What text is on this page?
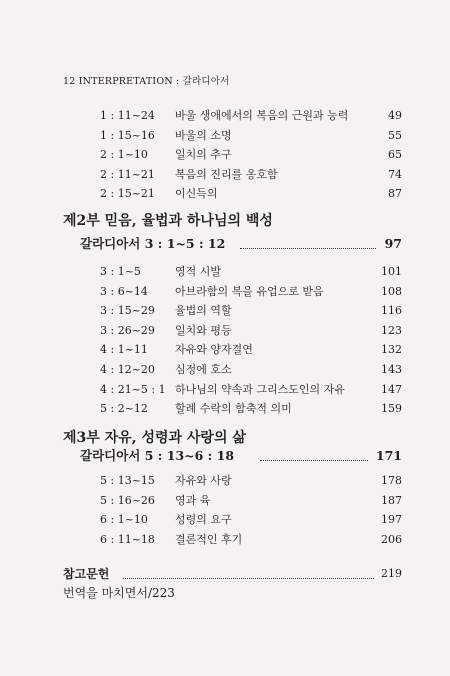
12 INTERPRETATION : 갈라디아서
1 : 11~24 바울 생애에서의 복음의 근원과 능력	49
1 : 15~16 바울의 소명	55
2 : 1~10 일치의 추구	65
2 : 11~21 복음의 진리를 옹호함	74
2 : 15~21 이신득의	87
제2부 믿음, 율법과 하나님의 백성
갈라디아서 3 : 1~5 : 12	97
3 : 1~5	영적 시발	101
3 : 6~14 아브라함의 복을 유업으로 받음	108
3 : 15~29 율법의 역할	116
3 : 26~29 일치와 평등	123
4 : 1~11 자유와 양자결연	132
4 : 12~20 심정에 호소	143
4 : 21~5 : 1 하나님의 약속과 그리스도인의 자유	147
5 : 2~12 할례 수락의 함축적 의미	159
제3부 자유, 성령과 사랑의 삶
갈라디아서 5 : 13~6 : 18	171
5 : 13~15 자유와 사랑	178
5 : 16~26 영과 육	187
6 : 1~10 성령의 요구	197
6 : 11~18 결론적인 후기	206
참고문헌	219
번역을 마치면서/223
